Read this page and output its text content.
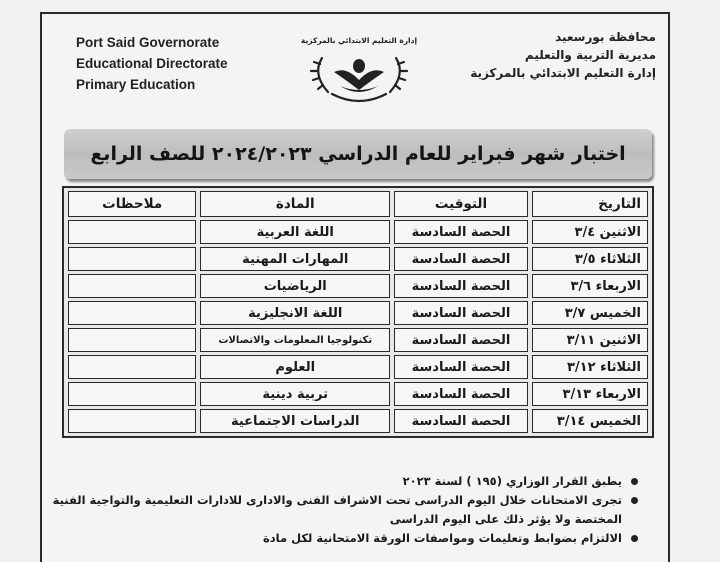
Port Said Governorate
Educational Directorate
Primary Education
إدارة التعليم الابتدائي بالمركزية	محافظة بورسعيد
مديرية التربية والتعليم
إدارة التعليم الابتدائي بالمركزية
اختبار شهر فبراير للعام الدراسي ٢٠٢٤/٢٠٢٣ للصف الرابع
التاريخ	التوقيت	المادة	ملاحظات
الاثنين ٣/٤	الحصة السادسة	اللغة العربية	
الثلاثاء ٣/٥	الحصة السادسة	المهارات المهنية	
الاربعاء ٣/٦	الحصة السادسة	الرياضيات	
الخميس ٣/٧	الحصة السادسة	اللغة الانجليزية	
الاثنين ٣/١١	الحصة السادسة	تكنولوجيا المعلومات والاتصالات	
الثلاثاء ٣/١٢	الحصة السادسة	العلوم	
الاربعاء ٣/١٣	الحصة السادسة	تربية دينية	
الخميس ٣/١٤	الحصة السادسة	الدراسات الاجتماعية	
يطبق القرار الوزاري (١٩٥ ) لسنة ٢٠٢٣
تجرى الامتحانات خلال اليوم الدراسى تحت الاشراف الفنى والادارى للادارات التعليمية والتواجية الفنية المختصة ولا يؤثر ذلك على اليوم الدراسى
الالتزام بضوابط وتعليمات ومواصفات الورقة الامتحانية لكل مادة
